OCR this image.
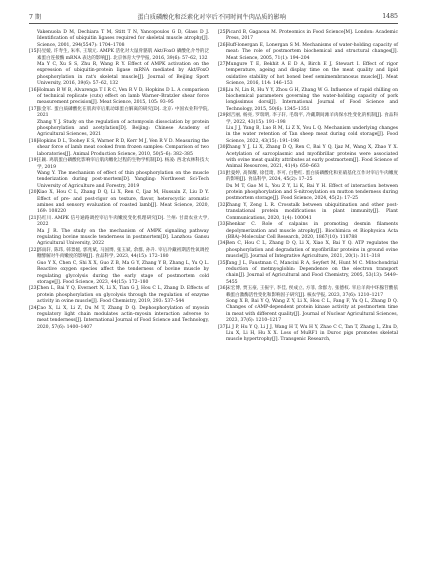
7 期	蛋白质磷酸化和泛素化对宰后不同时间牛肉品质的影响	1485

Vakenuola D M, Dechiara T M, Stitt T N, Yancopoulos G D, Glass D J. Identification of ubiquitin ligases required for skeletal muscle atrophy[J]. Science, 2001, 294(5547): 1704–1708

[15]马昱媛, 许寿生, 朱率, 王瑞元. AMPK 活化对大鼠骨骼肌 Akt/FoxO 磷酸化介导的泛素蛋白连接酶 mRNA 表达的影响[J]. 北京体育大学学报, 2016, 39(6): 57–62, 132

Ma Y C, Xu S S, Zhu R, Wang R Y. Effect of AMPK activation on the expression of ubiquitin-protein ligase mRNA mediated by Akt/FoxO phosphorylation in rat's skeletal muscle[J]. Journal of Beijing Sport University, 2016, 39(6): 57–62, 132

[16]Holman B W B, Alvarenga T I R C, Ven R V D, Hopkins D L. A comparison of technical replicate (cuts) effect on lamb Warner–Bratzler shear force measurement precision[J]. Meat Science, 2015, 105: 93–95

[17]张金军. 蛋白质磷酸化在肌肉宰后肌动球蛋白解离的研究[D]. 北京: 中国农业科学院, 2021

Zhang Y J. Study on the regulation of actomyosin dissociation by protein phosphorylation and acetylation[D]. Beijing: Chinese Academy of Agricultural Sciences, 2021

[18]Hopkins D L, Toohey E S, Warner R D, Kerr M J, Ven R V D. Measuring the shear force of lamb meat cooked from frozen samples: Comparison of two laboratories[J]. Animal Production Science, 2010, 50(5–6): 382–385

[19]王颖. 鸡肌蛋白磷酸化影响宰后肌肉嫩化过程的生物学机制[D]. 杨凌: 西北农林科技大学, 2019

Wang Y. The mechanism of effect of thin phosphorylation on the muscle tenderization during post-mortem[D]. Yangling: Northwest Sci-Tech University of Agriculture and Forestry, 2019

[20]Xiao X, Hou C L, Zhang D Q, Li X, Ren C, Ijaz M, Hussain Z, Liu D Y. Effect of pre- and post-rigor on texture, flavor, heterocyclic aromatic amines and sensory evaluation of roasted lamb[J]. Meat Science, 2020, 169: 108220

[21]马红川. AMPK 信号通路调控宰后牛肉嫩度变化机理研究[D]. 兰州: 甘肃农业大学, 2022

Ma J R. The study on the mechanism of AMPK signaling pathway regulating bovine muscle tenderness in postmortem[D]. Lanzhou: Gansu Agricultural University, 2022

[22]郭雨轩, 陈玮, 韩景媛, 郭兆斌, 马国博, 张玉斌, 余群, 孙升. 宰后冷藏初期活性氧调控糖酵解对牛肉嫩度的影响[J]. 食品科学, 2023, 44(15): 172–180

Guo Y X, Chen C, Shi X X, Guo Z B, Ma G Y, Zhang Y B, Zhang L, Yu Q L. Reactive oxygen species affect the tenderness of bovine muscle by regulating glycolysis during the early stage of postmortem cold storage[J]. Food Science, 2023, 44(15): 172–180

[23]Chen L, Bai Y Q, Everaert N, Li X, Tian G J, Hou C L, Zhang D. Effects of protein phosphorylation on glycolysis through the regulation of enzyme activity in ovine muscle[J]. Food Chemistry, 2019, 293: 537–544

[24]Cao X, Li X, Li Z, Du M T, Zhang D Q. Dephosphorylation of myosin regulatory light chain modulates actin–myosin interaction adverse to meat tenderness[J]. International Journal of Food Science and Technology, 2020, 57(6): 1400–1407

[25]Picard B, Gagaoua M. Proteomics in Food Science[M]. London: Academic Press, 2017

[26]Huff-lonergan E, Lonergan S M. Mechanisms of water-holding capacity of meat: The role of postmortem biochemical and structural changes[J]. Meat Science, 2005, 71(1): 194–204

[27]Mungure T E, Bekhit A E D A, Birch E J, Stewart I. Effect of rigor temperature, ageing and display time on the meat quality and lipid oxidative stability of hot boned beef semimembranosus muscle[J]. Meat Science, 2016, 114: 146–153

[28]Liu N, Lin R, Hu Y Y, Zhou G H, Zhang W G. Influence of rapid chilling on biochemical parameters governing the water-holding capacity of pork longissimus dorsi[J]. International Journal of Food Science and Technology, 2015, 50(6): 1345–1351

[29]刘吉丽, 杨亮, 罗瑞明, 李子轩, 毛瑞平, 冷藏期间滩羊肉保水性变化的机制[J]. 食品科学, 2022, 43(15): 191–198

Liu J J, Yang B, Luo R M, Li Z X, You L Q. Mechanism underlying changes in the water retention of Tan sheep meat during cold storage[J]. Food Science, 2022, 43(15): 191–198

[30]Zhang Y J, Li X, Zhang D Q, Ren C, Bai Y Q, Ijaz M, Wang X, Zhao Y X. Acetylation of sarcoplasmic and myofibrillar proteins were associated with ovine meat quality attributes at early postmortem[J]. Food Science of Animal Resources, 2021, 41(4): 650–663

[31]杜曼婷, 高保耀, 徐佳琦, 李可, 白艳红. 蛋白质磷酸化和亚硝基化互作对宰后牛肉嫩度的影响[J]. 食品科学, 2024, 45(2): 17–25

Du M T, Gao M L, You Z Y, Li K, Bai Y H. Effect of interaction between protein phosphorylation and S-nitrosylation on mutton tenderness during postmortem storage[J]. Food Science, 2024, 45(2): 17–25

[32]Zhang Y, Zeng L R. Crosstalk between ubiquitination and other post-translational protein modifications in plant immunity[J]. Plant Communications, 2020, 1(4): 100041

[33]Shenkar C. Role of calpains in promoting desmin filaments depolymerization and muscle atrophy[J]. Biochimica et Biophysica Acta (BBA)–Molecular Cell Research, 2020, 1867(10): 118788

[34]Ren C, Hou C L, Zhang D Q, Li X, Xiao X, Bai Y Q. ATP regulates the phosphorylation and degradation of myofibrillar proteins in ground ovine muscle[J]. Journal of Integrative Agriculture, 2021, 20(1): 311–318

[35]Tang J L, Faustman C, Mancini R A, Seyfert M, Hunt M C. Mitochondrial reduction of metmyoglobin: Dependence on the electron transport chain[J]. Journal of Agricultural and Food Chemistry, 2005, 53(13): 5449–5455

[36]宋宏博, 贾玉豪, 王振宇, 李佳, 侯成立, 方菲, 余群力, 张德权. 宰后羊肉中环腺苷酸依赖蛋白激酶活性变化和影响因子研究[J]. 核农学报, 2023, 37(6): 1210–1217

Song X B, Bai Y Q, Wang Z Y, Li X, Hou C L, Fang F, Yu Q L, Zhang D Q. Changes of cAMP-dependent protein kinase activity at postmortem time in meat with different quality[J]. Journal of Nuclear Agricultural Sciences, 2023, 37(6): 1210–1217

[37]Li J P, Hu Y Q, Li J J, Wang H T, Wu H Y, Zhao C C, Tan T, Zhang L, Zhu D, Liu X, Li H, Hu X X. Loss of MuRF1 in Duroc pigs promotes skeletal muscle hypertrophy[J]. Transgenic Research,
